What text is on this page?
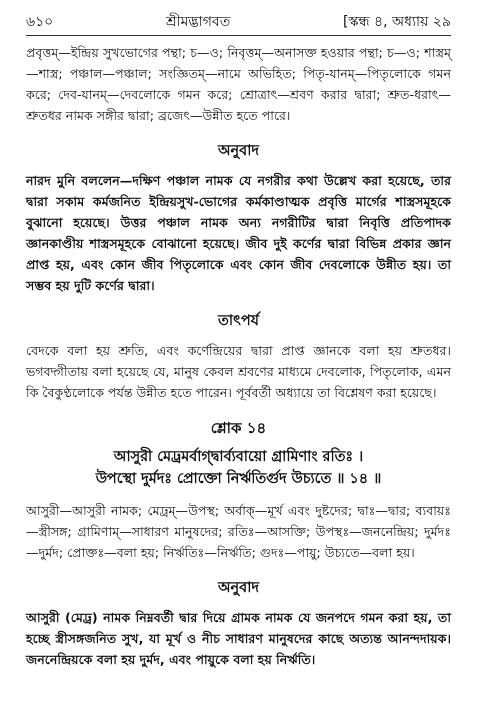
৬১০	শ্রীমদ্ভাগবত	[স্কন্ধ ৪, অধ্যায় ২৯

প্রবৃত্তম্—ইন্দ্রিয় সুখভোগের পন্থা; চ—ও; নিবৃত্তম্—অনাসক্ত হওয়ার পন্থা; চ—ও; শাস্ত্রম্—শাস্ত্র; পঞ্চাল—পঞ্চাল; সংজ্ঞিতম্—নামে অভিহিত; পিতৃ-যানম্—পিতৃলোকে গমন করে; দেব-যানম্—দেবলোকে গমন করে; শ্রোত্রাৎ—শ্রবণ করার দ্বারা; শ্রুত-ধরাৎ—শ্রুতধর নামক সঙ্গীর দ্বারা; ব্রজেৎ—উন্নীত হতে পারে।

অনুবাদ

নারদ মুনি বললেন—দক্ষিণ পঞ্চাল নামক যে নগরীর কথা উল্লেখ করা হয়েছে, তার দ্বারা সকাম কর্মজনিত ইন্দ্রিয়সুখ-ভোগের কর্মকাণ্ডাত্মক প্রবৃত্তি মার্গের শাস্ত্রসমূহকে বুঝানো হয়েছে। উত্তর পঞ্চাল নামক অন্য নগরীটির দ্বারা নিবৃত্তি প্রতিপাদক জ্ঞানকাণ্ডীয় শাস্ত্রসমূহকে বোঝানো হয়েছে। জীব দুই কর্ণের দ্বারা বিভিন্ন প্রকার জ্ঞান প্রাপ্ত হয়, এবং কোন জীব পিতৃলোকে এবং কোন জীব দেবলোকে উন্নীত হয়। তা সম্ভব হয় দুটি কর্ণের দ্বারা।

তাৎপর্য

বেদকে বলা হয় শ্রুতি, এবং কর্ণেন্দ্রিয়ের দ্বারা প্রাপ্ত জ্ঞানকে বলা হয় শ্রুতধর। ভগবদ্গীতায় বলা হয়েছে যে, মানুষ কেবল শ্রবণের মাধ্যমে দেবলোক, পিতৃলোক, এমন কি বৈকুণ্ঠলোকে পর্যন্ত উন্নীত হতে পারেন। পূর্ববর্তী অধ্যায়ে তা বিশ্লেষণ করা হয়েছে।

শ্লোক ১৪

আসুরী মেঢ্রমর্বাগ্দ্বার্ব্যবায়ো গ্রামিণাং রতিঃ ।

উপস্থো দুর্মদঃ প্রোক্তো নির্ঋতির্গুদ উচ্যতে ॥ ১৪ ॥

আসুরী—আসুরী নামক; মেঢ্রম্—উপস্থ; অর্বাক্—মূর্খ এবং দুষ্টদের; দ্বাঃ—দ্বার; ব্যবায়ঃ—স্ত্রীসঙ্গ; গ্রামিণাম্—সাধারণ মানুষদের; রতিঃ—আসক্তি; উপস্থঃ—জননেন্দ্রিয়; দুর্মদঃ—দুর্মদ; প্রোক্তঃ—বলা হয়; নির্ঋতিঃ—নির্ঋতি; গুদঃ—পায়ু; উচ্যতে—বলা হয়।

অনুবাদ

আসুরী (মেঢ্র) নামক নিম্নবর্তী দ্বার দিয়ে গ্রামক নামক যে জনপদে গমন করা হয়, তা হচ্ছে স্ত্রীসঙ্গজনিত সুখ, যা মূর্খ ও নীচ সাধারণ মানুষদের কাছে অত্যন্ত আনন্দদায়ক। জননেন্দ্রিয়কে বলা হয় দুর্মদ, এবং পায়ুকে বলা হয় নির্ঋতি।
